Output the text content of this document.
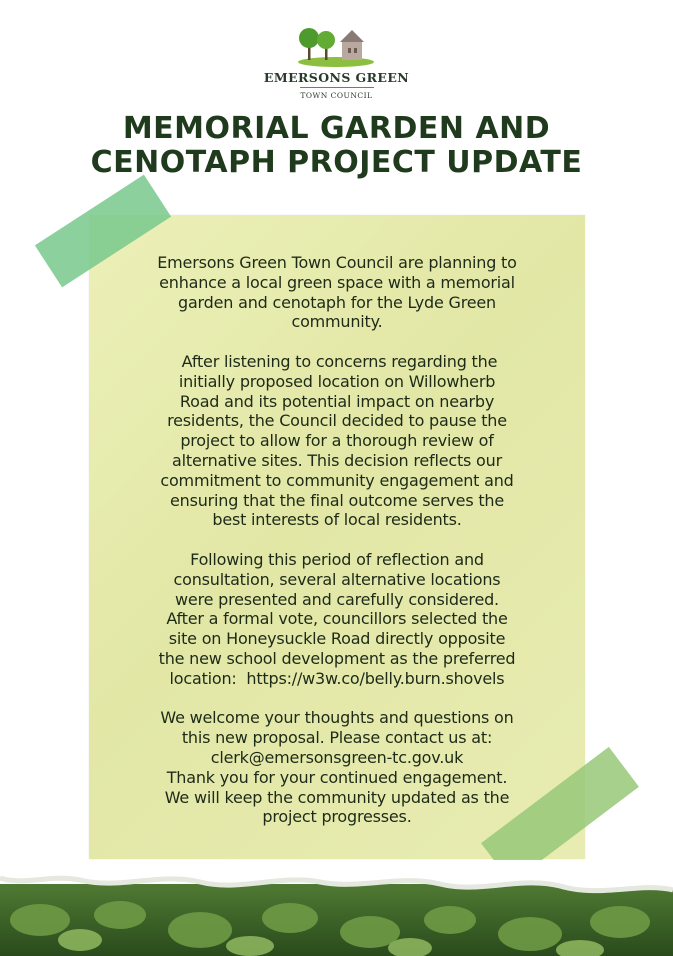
EMERSONS GREEN
TOWN COUNCIL
MEMORIAL GARDEN AND
CENOTAPH PROJECT UPDATE

Emersons Green Town Council are planning to
enhance a local green space with a memorial
garden and cenotaph for the Lyde Green
community.

After listening to concerns regarding the
initially proposed location on Willowherb
Road and its potential impact on nearby
residents, the Council decided to pause the
project to allow for a thorough review of
alternative sites. This decision reflects our
commitment to community engagement and
ensuring that the final outcome serves the
best interests of local residents.

Following this period of reflection and
consultation, several alternative locations
were presented and carefully considered.
After a formal vote, councillors selected the
site on Honeysuckle Road directly opposite
the new school development as the preferred
location:  https://w3w.co/belly.burn.shovels

We welcome your thoughts and questions on
this new proposal. Please contact us at:
clerk@emersonsgreen-tc.gov.uk
Thank you for your continued engagement.
We will keep the community updated as the
project progresses.
